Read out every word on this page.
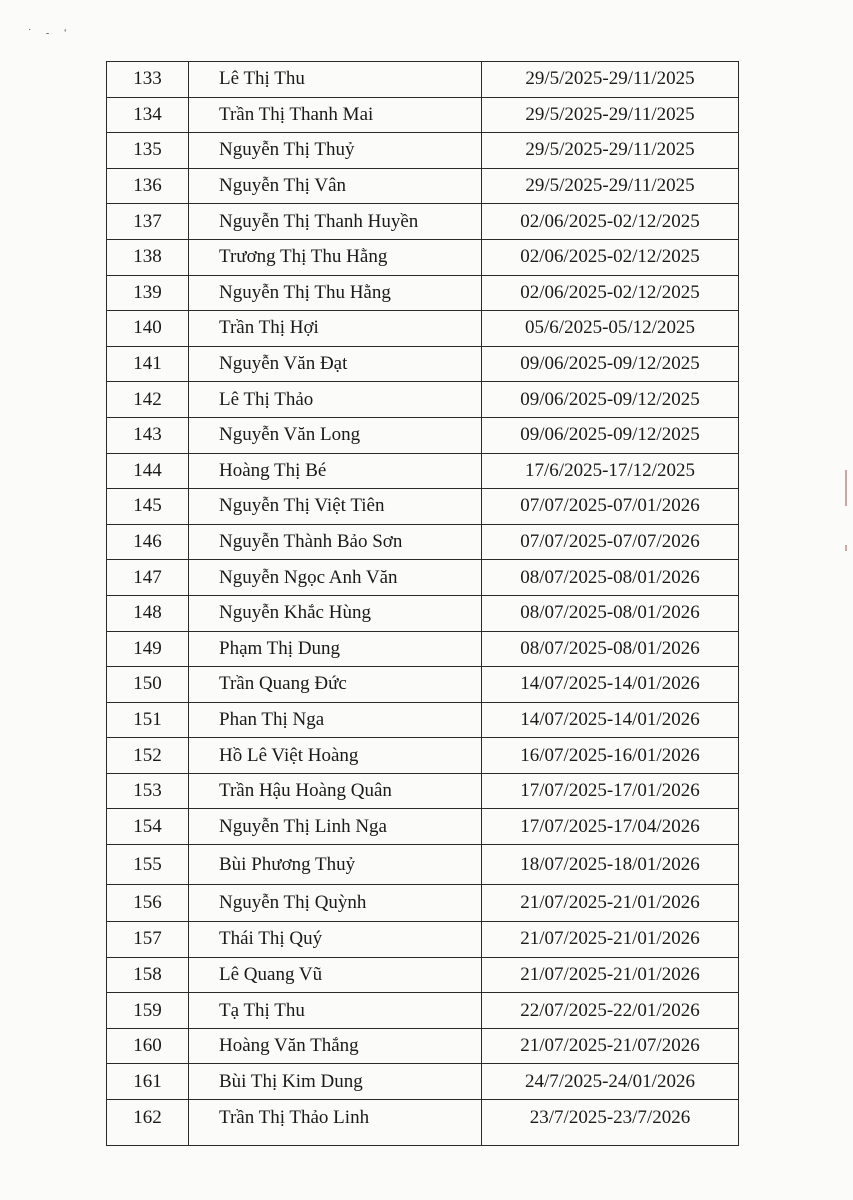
˙ ‐ ‘
133	Lê Thị Thu	29/5/2025-29/11/2025
134	Trần Thị Thanh Mai	29/5/2025-29/11/2025
135	Nguyễn Thị Thuỷ	29/5/2025-29/11/2025
136	Nguyễn Thị Vân	29/5/2025-29/11/2025
137	Nguyễn Thị Thanh Huyền	02/06/2025-02/12/2025
138	Trương Thị Thu Hằng	02/06/2025-02/12/2025
139	Nguyễn Thị Thu Hằng	02/06/2025-02/12/2025
140	Trần Thị Hợi	05/6/2025-05/12/2025
141	Nguyễn Văn Đạt	09/06/2025-09/12/2025
142	Lê Thị Thảo	09/06/2025-09/12/2025
143	Nguyễn Văn Long	09/06/2025-09/12/2025
144	Hoàng Thị Bé	17/6/2025-17/12/2025
145	Nguyễn Thị Việt Tiên	07/07/2025-07/01/2026
146	Nguyễn Thành Bảo Sơn	07/07/2025-07/07/2026
147	Nguyễn Ngọc Anh Văn	08/07/2025-08/01/2026
148	Nguyễn Khắc Hùng	08/07/2025-08/01/2026
149	Phạm Thị Dung	08/07/2025-08/01/2026
150	Trần Quang Đức	14/07/2025-14/01/2026
151	Phan Thị Nga	14/07/2025-14/01/2026
152	Hồ Lê Việt Hoàng	16/07/2025-16/01/2026
153	Trần Hậu Hoàng Quân	17/07/2025-17/01/2026
154	Nguyễn Thị Linh Nga	17/07/2025-17/04/2026
155	Bùi Phương Thuỷ	18/07/2025-18/01/2026
156	Nguyễn Thị Quỳnh	21/07/2025-21/01/2026
157	Thái Thị Quý	21/07/2025-21/01/2026
158	Lê Quang Vũ	21/07/2025-21/01/2026
159	Tạ Thị Thu	22/07/2025-22/01/2026
160	Hoàng Văn Thắng	21/07/2025-21/07/2026
161	Bùi Thị Kim Dung	24/7/2025-24/01/2026
162	Trần Thị Thảo Linh	23/7/2025-23/7/2026
